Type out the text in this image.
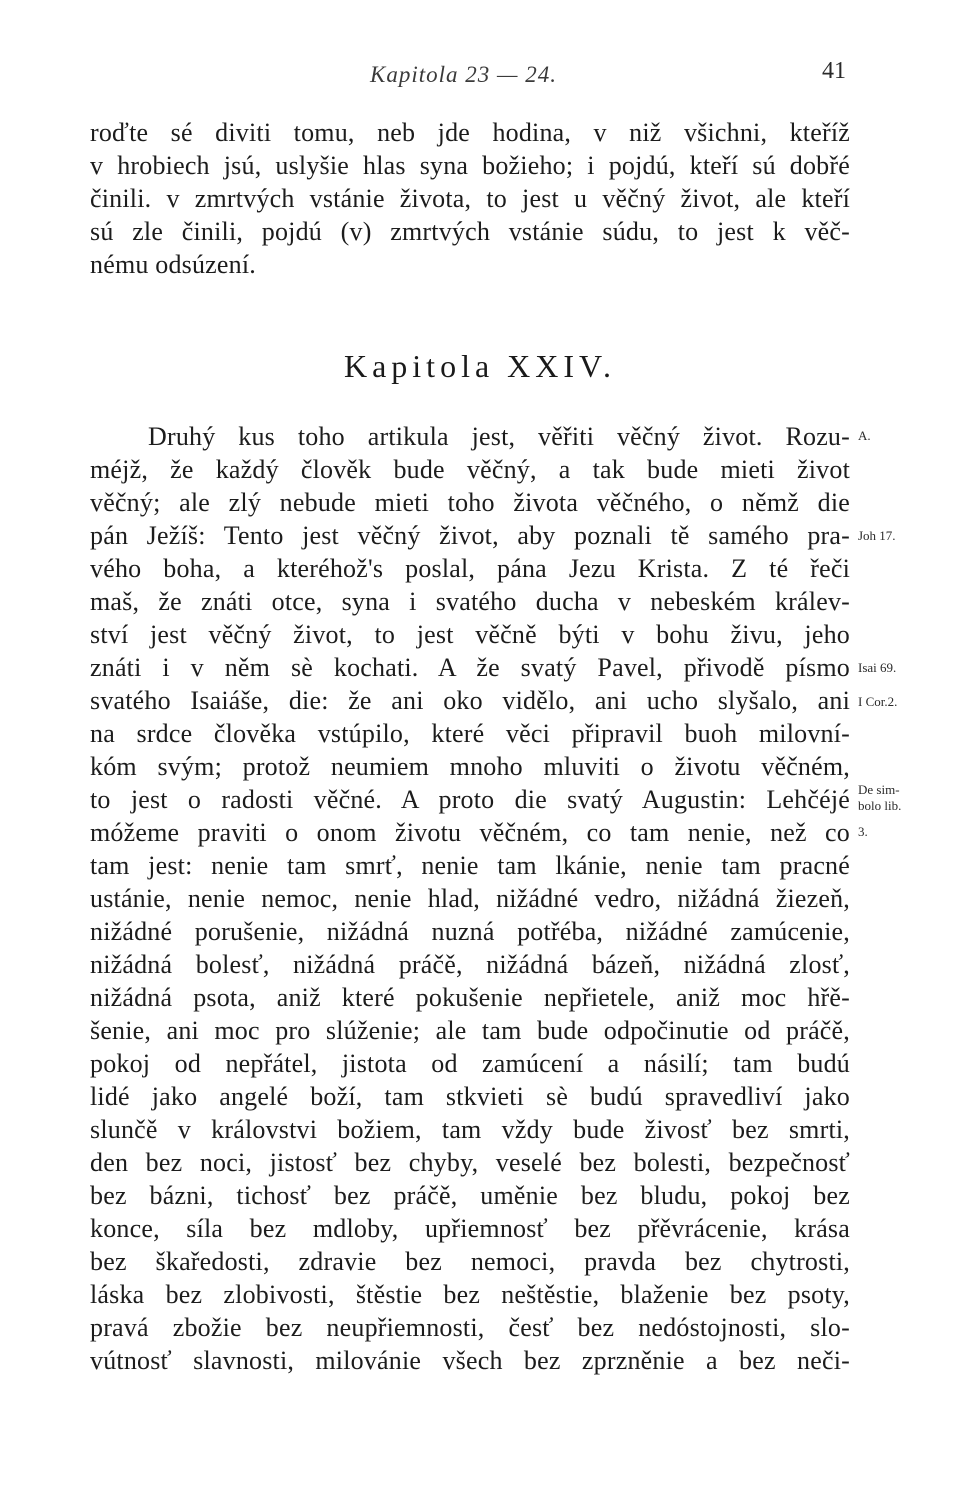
Kapitola 23 — 24.	41
roďte sé diviti tomu, neb jde hodina, v niž všichni, kteříž
v hrobiech jsú, uslyšie hlas syna božieho; i pojdú, kteří sú dobřé
činili. v zmrtvých vstánie života, to jest u věčný život, ale kteří
sú zle činili, pojdú (v) zmrtvých vstánie súdu, to jest k věč-
nému odsúzení.
Kapitola XXIV.
Druhý kus toho artikula jest, věřiti věčný život. Rozu-
méjž, že každý člověk bude věčný, a tak bude mieti život
věčný; ale zlý nebude mieti toho života věčného, o němž die
pán Ježíš: Tento jest věčný život, aby poznali tě samého pra-
vého boha, a kteréhož's poslal, pána Jezu Krista. Z té řeči
mаš, že znáti otce, syna i svatého ducha v nebeském králev-
ství jest věčný život, to jest věčně býti v bohu živu, jeho
znáti i v něm sè kochati. A že svatý Pavel, přivodě písmo
svatého Isaiáše, die: že ani oko vidělo, ani ucho slyšalo, ani
na srdce člověka vstúpilo, které věci připravil buoh milovní-
kóm svým; protož neumiem mnoho mluviti o životu věčném,
to jest o radosti věčné. A proto die svatý Augustin: Lehčéjé
móžeme praviti o onom životu věčném, co tam nenie, než co
tam jest: nenie tam smrť, nenie tam lkánie, nenie tam pracné
ustánie, nenie nemoc, nenie hlad, nižádné vedro, nižádná žiezeň,
nižádné porušenie, nižádná nuzná potřéba, nižádné zamúcenie,
nižádná bolesť, nižádná práčě, nižádná bázeň, nižádná zlosť,
nižádná psota, aniž které pokušenie nepřietele, aniž moc hřě-
šenie, ani moc pro slúženie; ale tam bude odpočinutie od práčě,
pokoj od nepřátel, jistota od zamúcení a násilí; tam budú
lidé jako angelé boží, tam stkvieti sè budú spravedliví jako
slunčě v královstvi božiem, tam vždy bude živosť bez smrti,
den bez noci, jistosť bez chyby, veselé bez bolesti, bezpečnosť
bez bázni, tichosť bez práčě, uměnie bez bludu, pokoj bez
konce, síla bez mdloby, upřiemnosť bez přěvrácenie, krása
bez škaředosti, zdravie bez nemoci, pravda bez chytrosti,
láska bez zlobivosti, štěstie bez neštěstie, blaženie bez psoty,
pravá zbožie bez neupřiemnosti, česť bez nedóstojnosti, slo-
vútnosť slavnosti, milovánie všech bez zprzněnie a bez neči-
A.
Joh 17.
Isai 69.
I Cor.2.
De sim-
bolo lib.
3.
